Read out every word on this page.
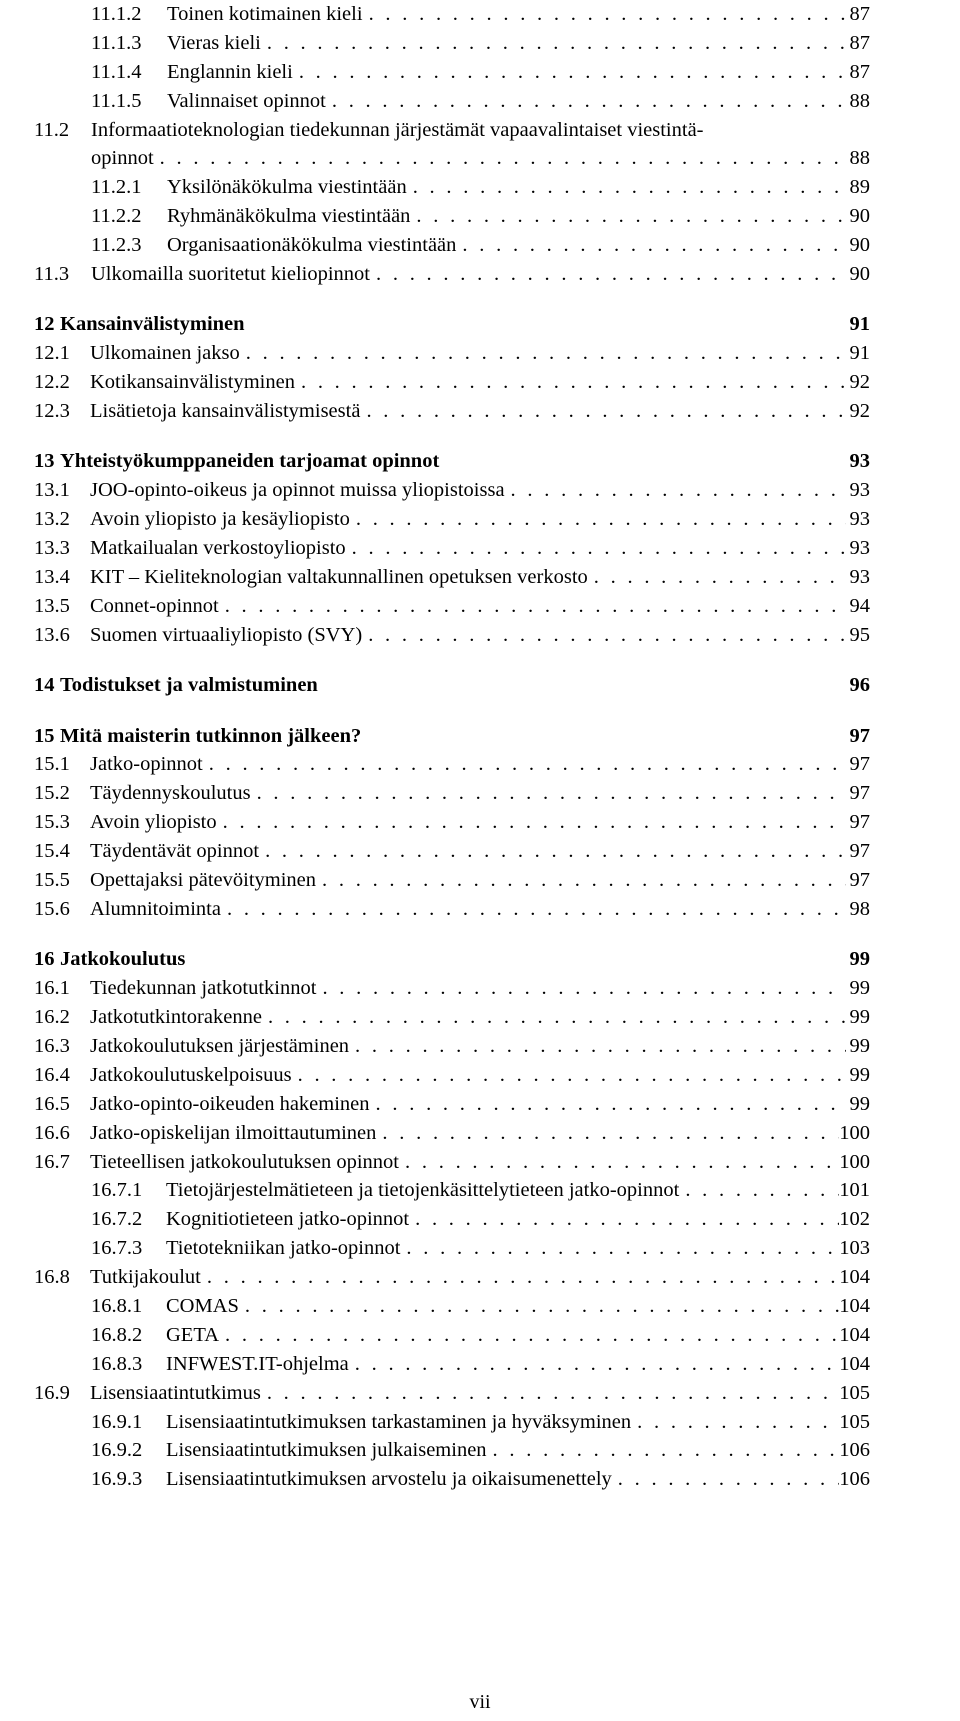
11.1.2	Toinen kotimainen kieli . . .	87
11.1.3	Vieras kieli . . .	87
11.1.4	Englannin kieli . . .	87
11.1.5	Valinnaiset opinnot . . .	88
11.2	Informaatioteknologian tiedekunnan järjestämät vapaavalintaiset viestintä-
opinnot . . .	88
11.2.1	Yksilönäkökulma viestintään . . .	89
11.2.2	Ryhmänäkökulma viestintään . . .	90
11.2.3	Organisaationäkökulma viestintään . . .	90
11.3	Ulkomailla suoritetut kieliopinnot . . .	90
12 Kansainvälistyminen	91
12.1 Ulkomainen jakso . . .	91
12.2 Kotikansainvälistyminen . . .	92
12.3 Lisätietoja kansainvälistymisestä . . .	92
13 Yhteistyökumppaneiden tarjoamat opinnot	93
13.1 JOO-opinto-oikeus ja opinnot muissa yliopistoissa . . .	93
13.2 Avoin yliopisto ja kesäyliopisto . . .	93
13.3 Matkailualan verkostoyliopisto . . .	93
13.4 KIT – Kieliteknologian valtakunnallinen opetuksen verkosto . . .	93
13.5 Connet-opinnot . . .	94
13.6 Suomen virtuaaliyliopisto (SVY) . . .	95
14 Todistukset ja valmistuminen	96
15 Mitä maisterin tutkinnon jälkeen?	97
15.1 Jatko-opinnot . . .	97
15.2 Täydennyskoulutus . . .	97
15.3 Avoin yliopisto . . .	97
15.4 Täydentävät opinnot . . .	97
15.5 Opettajaksi pätevöityminen . . .	97
15.6 Alumnitoiminta . . .	98
16 Jatkokoulutus	99
16.1 Tiedekunnan jatkotutkinnot . . .	99
16.2 Jatkotutkintorakenne . . .	99
16.3 Jatkokoulutuksen järjestäminen . . .	99
16.4 Jatkokoulutuskelpoisuus . . .	99
16.5 Jatko-opinto-oikeuden hakeminen . . .	99
16.6 Jatko-opiskelijan ilmoittautuminen . . .	100
16.7 Tieteellisen jatkokoulutuksen opinnot . . .	100
16.7.1	Tietojärjestelmätieteen ja tietojenkäsittelytieteen jatko-opinnot . . .	101
16.7.2	Kognitiotieteen jatko-opinnot . . .	102
16.7.3	Tietotekniikan jatko-opinnot . . .	103
16.8 Tutkijakoulut . . .	104
16.8.1	COMAS . . .	104
16.8.2	GETA . . .	104
16.8.3	INFWEST.IT-ohjelma . . .	104
16.9 Lisensiaatintutkimus . . .	105
16.9.1	Lisensiaatintutkimuksen tarkastaminen ja hyväksyminen . . .	105
16.9.2	Lisensiaatintutkimuksen julkaiseminen . . .	106
16.9.3	Lisensiaatintutkimuksen arvostelu ja oikaisumenettely . . .	106
vii
